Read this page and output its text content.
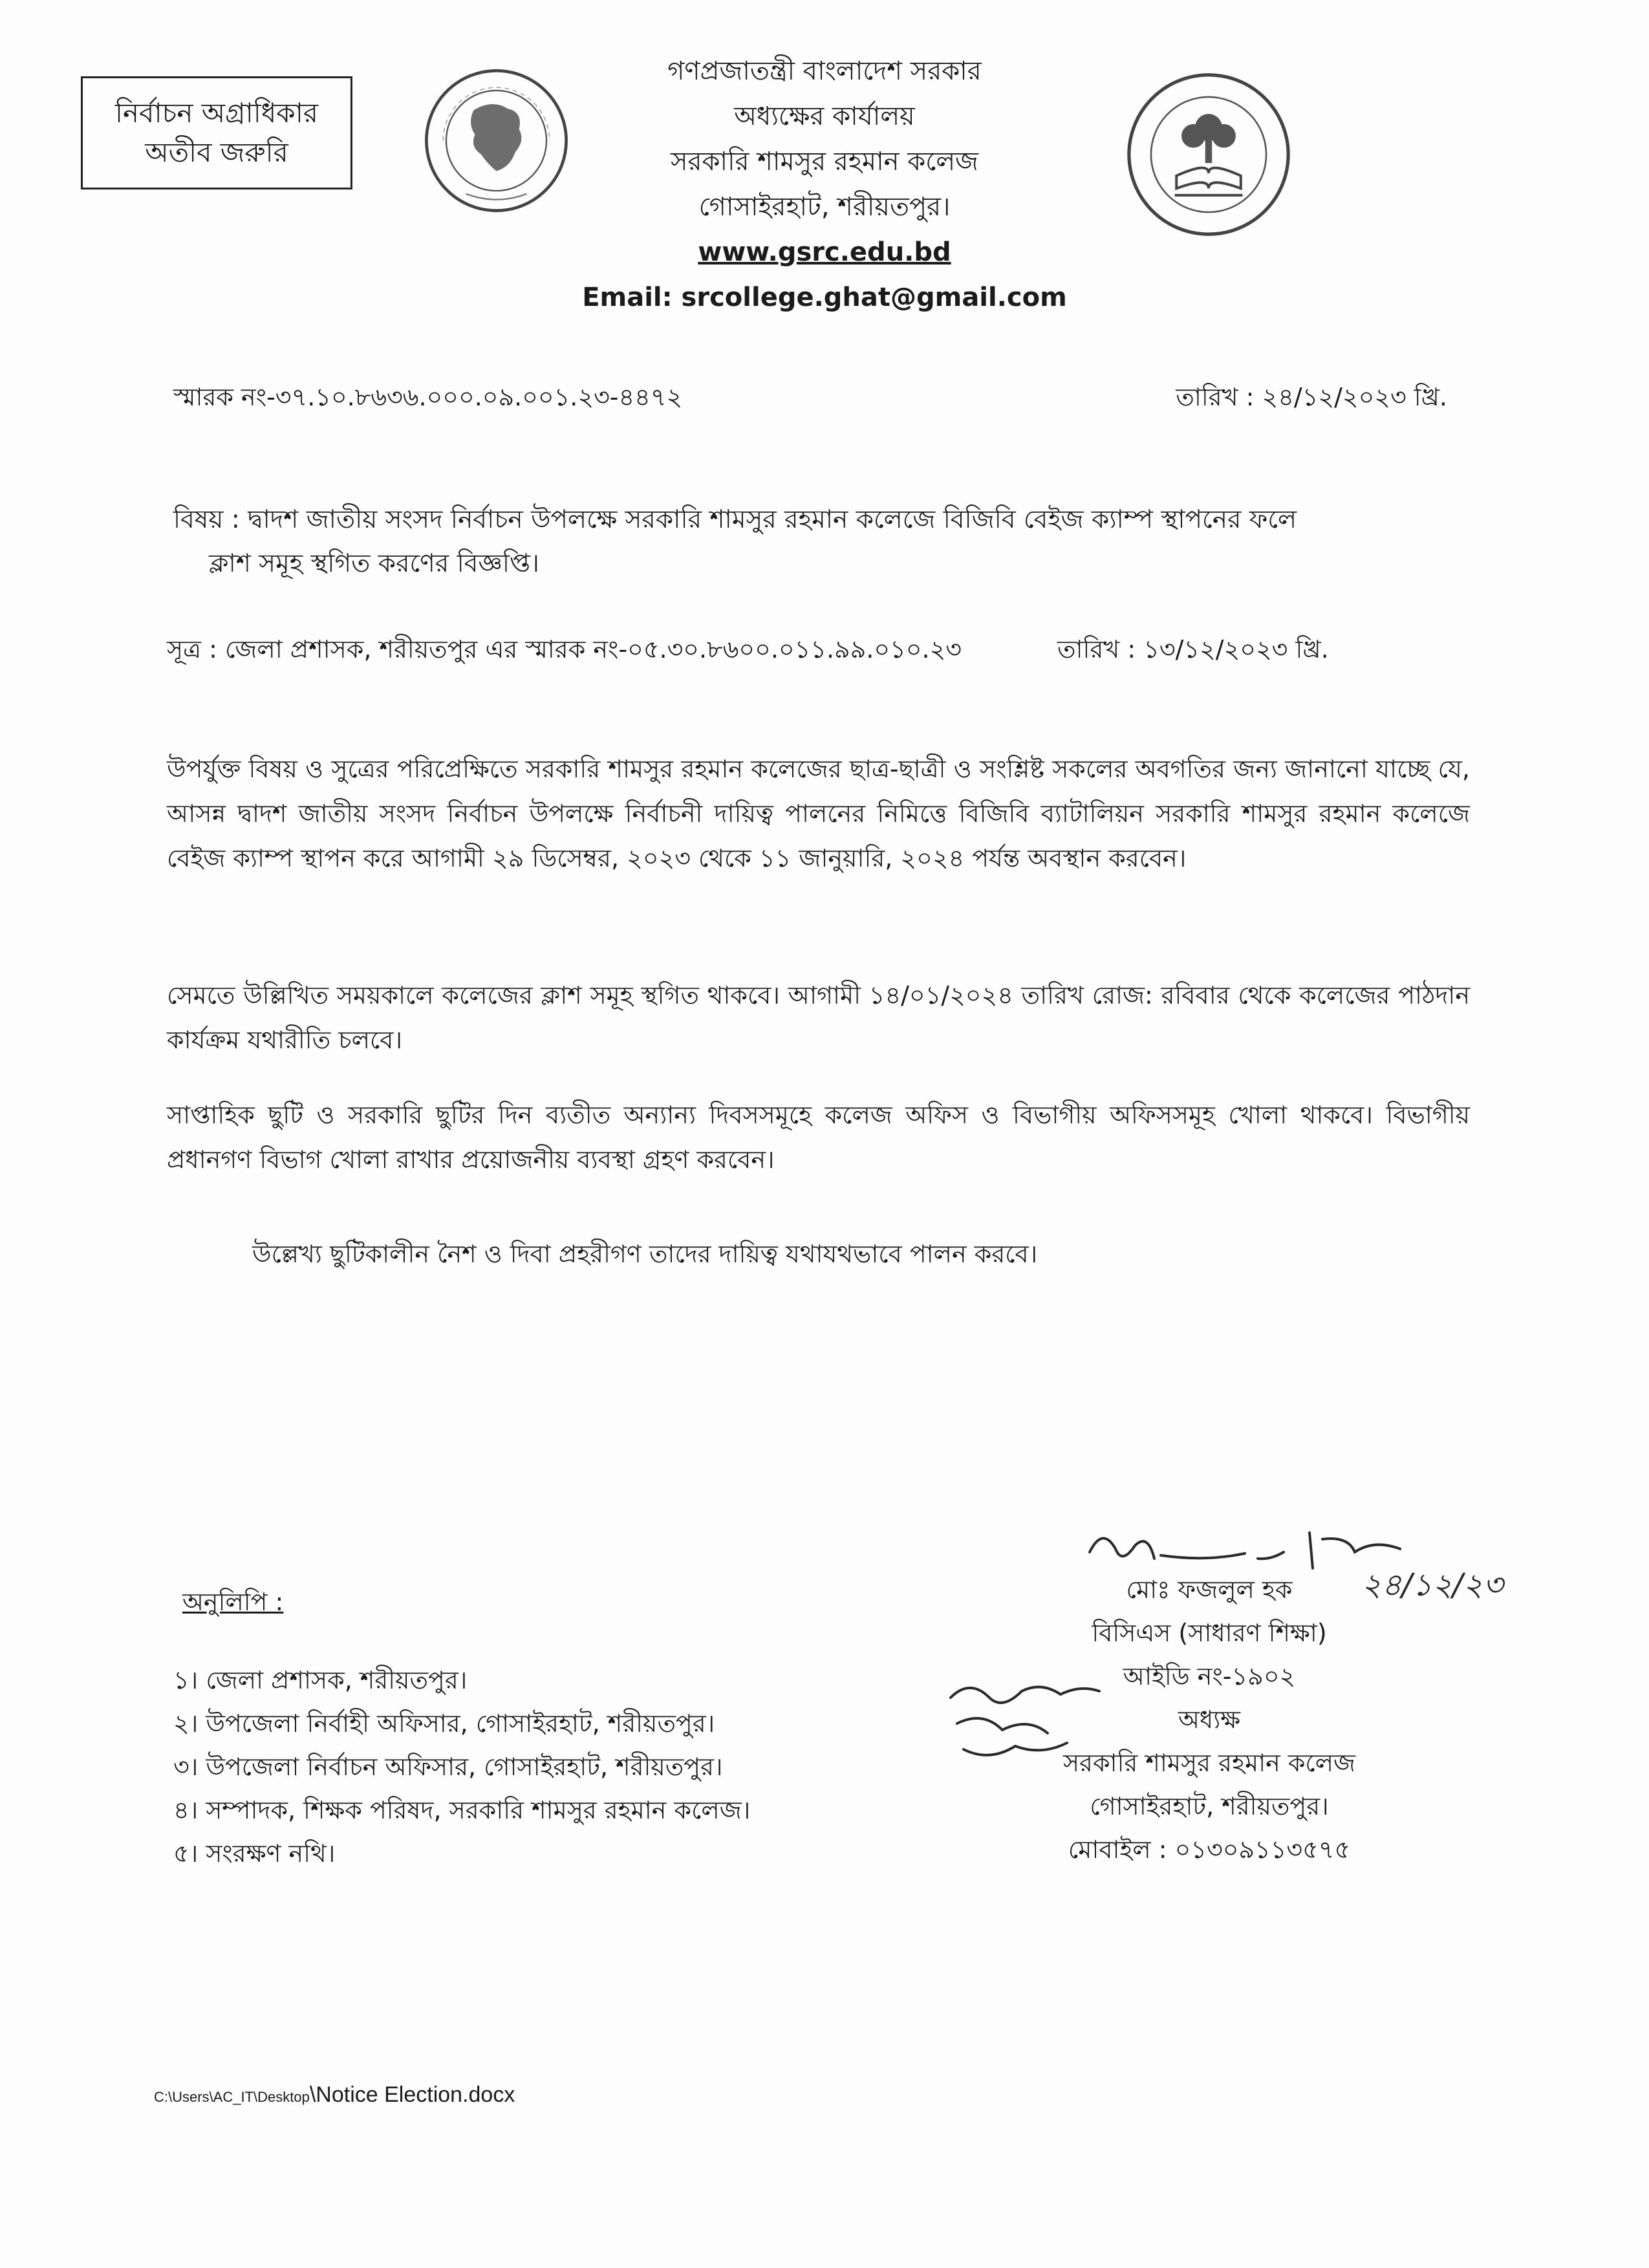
নির্বাচন অগ্রাধিকার
অতীব জরুরি
গণপ্রজাতন্ত্রী বাংলাদেশ সরকার
অধ্যক্ষের কার্যালয়
সরকারি শামসুর রহমান কলেজ
গোসাইরহাট, শরীয়তপুর।
www.gsrc.edu.bd
Email: srcollege.ghat@gmail.com
স্মারক নং-৩৭.১০.৮৬৩৬.০০০.০৯.০০১.২৩-৪৪৭২	তারিখ : ২৪/১২/২০২৩ খ্রি.
বিষয় : দ্বাদশ জাতীয় সংসদ নির্বাচন উপলক্ষে সরকারি শামসুর রহমান কলেজে বিজিবি বেইজ ক্যাম্প স্থাপনের ফলে
ক্লাশ সমূহ স্থগিত করণের বিজ্ঞপ্তি।
সূত্র : জেলা প্রশাসক, শরীয়তপুর এর স্মারক নং-০৫.৩০.৮৬০০.০১১.৯৯.০১০.২৩	তারিখ : ১৩/১২/২০২৩ খ্রি.
উপর্যুক্ত বিষয় ও সুত্রের পরিপ্রেক্ষিতে সরকারি শামসুর রহমান কলেজের ছাত্র-ছাত্রী ও সংশ্লিষ্ট সকলের অবগতির জন্য জানানো যাচ্ছে যে, আসন্ন দ্বাদশ জাতীয় সংসদ নির্বাচন উপলক্ষে নির্বাচনী দায়িত্ব পালনের নিমিত্তে বিজিবি ব্যাটালিয়ন সরকারি শামসুর রহমান কলেজে বেইজ ক্যাম্প স্থাপন করে আগামী ২৯ ডিসেম্বর, ২০২৩ থেকে ১১ জানুয়ারি, ২০২৪ পর্যন্ত অবস্থান করবেন।
সেমতে উল্লিখিত সময়কালে কলেজের ক্লাশ সমূহ স্থগিত থাকবে। আগামী ১৪/০১/২০২৪ তারিখ রোজ: রবিবার থেকে কলেজের পাঠদান কার্যক্রম যথারীতি চলবে।
সাপ্তাহিক ছুটি ও সরকারি ছুটির দিন ব্যতীত অন্যান্য দিবসসমূহে কলেজ অফিস ও বিভাগীয় অফিসসমূহ খোলা থাকবে। বিভাগীয় প্রধানগণ বিভাগ খোলা রাখার প্রয়োজনীয় ব্যবস্থা গ্রহণ করবেন।
উল্লেখ্য ছুটিকালীন নৈশ ও দিবা প্রহরীগণ তাদের দায়িত্ব যথাযথভাবে পালন করবে।
২৪/১২/২৩
মোঃ ফজলুল হক
বিসিএস (সাধারণ শিক্ষা)
আইডি নং-১৯০২
অধ্যক্ষ
সরকারি শামসুর রহমান কলেজ
গোসাইরহাট, শরীয়তপুর।
মোবাইল : ০১৩০৯১১৩৫৭৫
অনুলিপি :
১। জেলা প্রশাসক, শরীয়তপুর।
২। উপজেলা নির্বাহী অফিসার, গোসাইরহাট, শরীয়তপুর।
৩। উপজেলা নির্বাচন অফিসার, গোসাইরহাট, শরীয়তপুর।
৪। সম্পাদক, শিক্ষক পরিষদ, সরকারি শামসুর রহমান কলেজ।
৫। সংরক্ষণ নথি।
C:\Users\AC_IT\Desktop\Notice Election.docx
